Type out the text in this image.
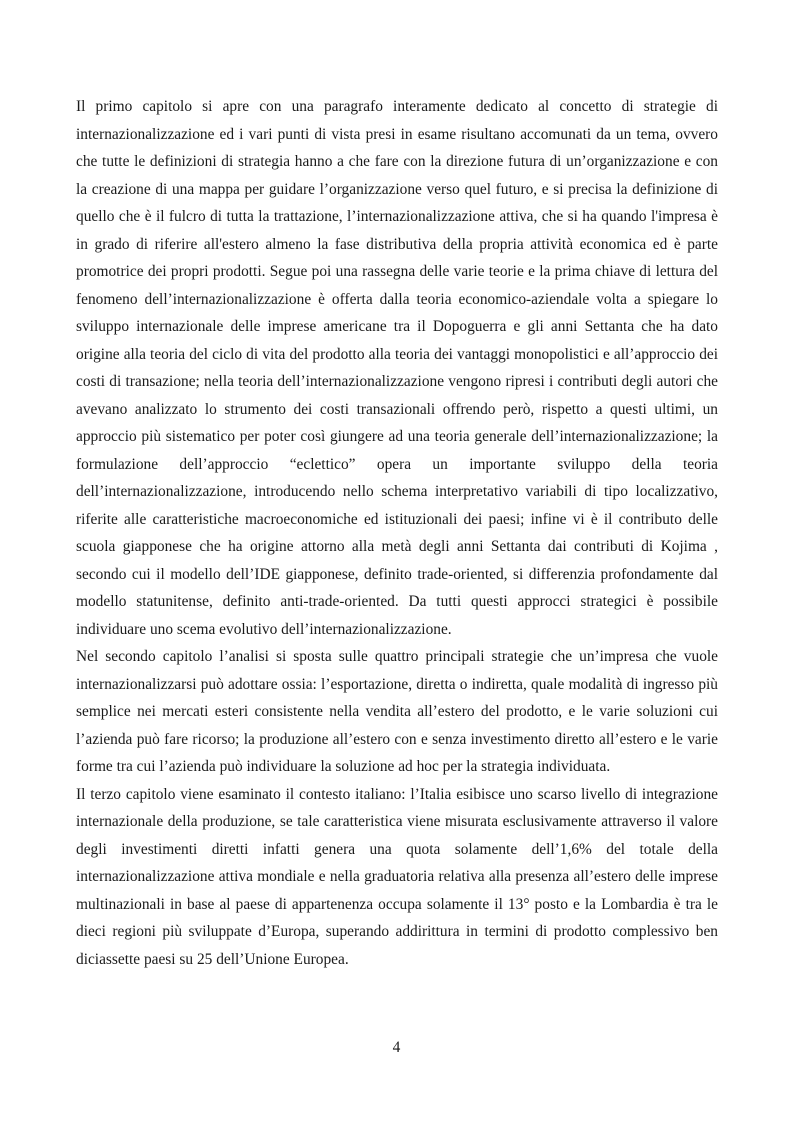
Il primo capitolo si apre con una paragrafo interamente dedicato al concetto di strategie di internazionalizzazione ed i vari punti di vista presi in esame risultano accomunati da un tema, ovvero che tutte le definizioni di strategia hanno a che fare con la direzione futura di un’organizzazione e con la creazione di una mappa per guidare l’organizzazione verso quel futuro, e si precisa la definizione di quello che è il fulcro di tutta la trattazione, l’internazionalizzazione attiva, che si ha quando l'impresa è in grado di riferire all'estero almeno la fase distributiva della propria attività economica ed è parte promotrice dei propri prodotti. Segue poi una rassegna delle varie teorie e la prima chiave di lettura del fenomeno dell’internazionalizzazione è offerta dalla teoria economico-aziendale volta a spiegare lo sviluppo internazionale delle imprese americane tra il Dopoguerra e gli anni Settanta che ha dato origine alla teoria del ciclo di vita del prodotto alla teoria dei vantaggi monopolistici e all’approccio dei costi di transazione; nella teoria dell’internazionalizzazione vengono ripresi i contributi degli autori che avevano analizzato lo strumento dei costi transazionali offrendo però, rispetto a questi ultimi, un approccio più sistematico per poter così giungere ad una teoria generale dell’internazionalizzazione; la formulazione dell’approccio “eclettico” opera un importante sviluppo della teoria dell’internazionalizzazione, introducendo nello schema interpretativo variabili di tipo localizzativo, riferite alle caratteristiche macroeconomiche ed istituzionali dei paesi; infine vi è il contributo delle scuola giapponese che ha origine attorno alla metà degli anni Settanta dai contributi di Kojima , secondo cui il modello dell’IDE giapponese, definito trade-oriented, si differenzia profondamente dal modello statunitense, definito anti-trade-oriented. Da tutti questi approcci strategici è possibile individuare uno scema evolutivo dell’internazionalizzazione.

Nel secondo capitolo l’analisi si sposta sulle quattro principali strategie che un’impresa che vuole internazionalizzarsi può adottare ossia: l’esportazione, diretta o indiretta, quale modalità di ingresso più semplice nei mercati esteri consistente nella vendita all’estero del prodotto, e le varie soluzioni cui l’azienda può fare ricorso; la produzione all’estero con e senza investimento diretto all’estero e le varie forme tra cui l’azienda può individuare la soluzione ad hoc per la strategia individuata.

Il terzo capitolo viene esaminato il contesto italiano: l’Italia esibisce uno scarso livello di integrazione internazionale della produzione, se tale caratteristica viene misurata esclusivamente attraverso il valore degli investimenti diretti infatti genera una quota solamente dell’1,6% del totale della internazionalizzazione attiva mondiale e nella graduatoria relativa alla presenza all’estero delle imprese multinazionali in base al paese di appartenenza occupa solamente il 13° posto e la Lombardia è tra le dieci regioni più sviluppate d’Europa, superando addirittura in termini di prodotto complessivo ben diciassette paesi su 25 dell’Unione Europea.

4
